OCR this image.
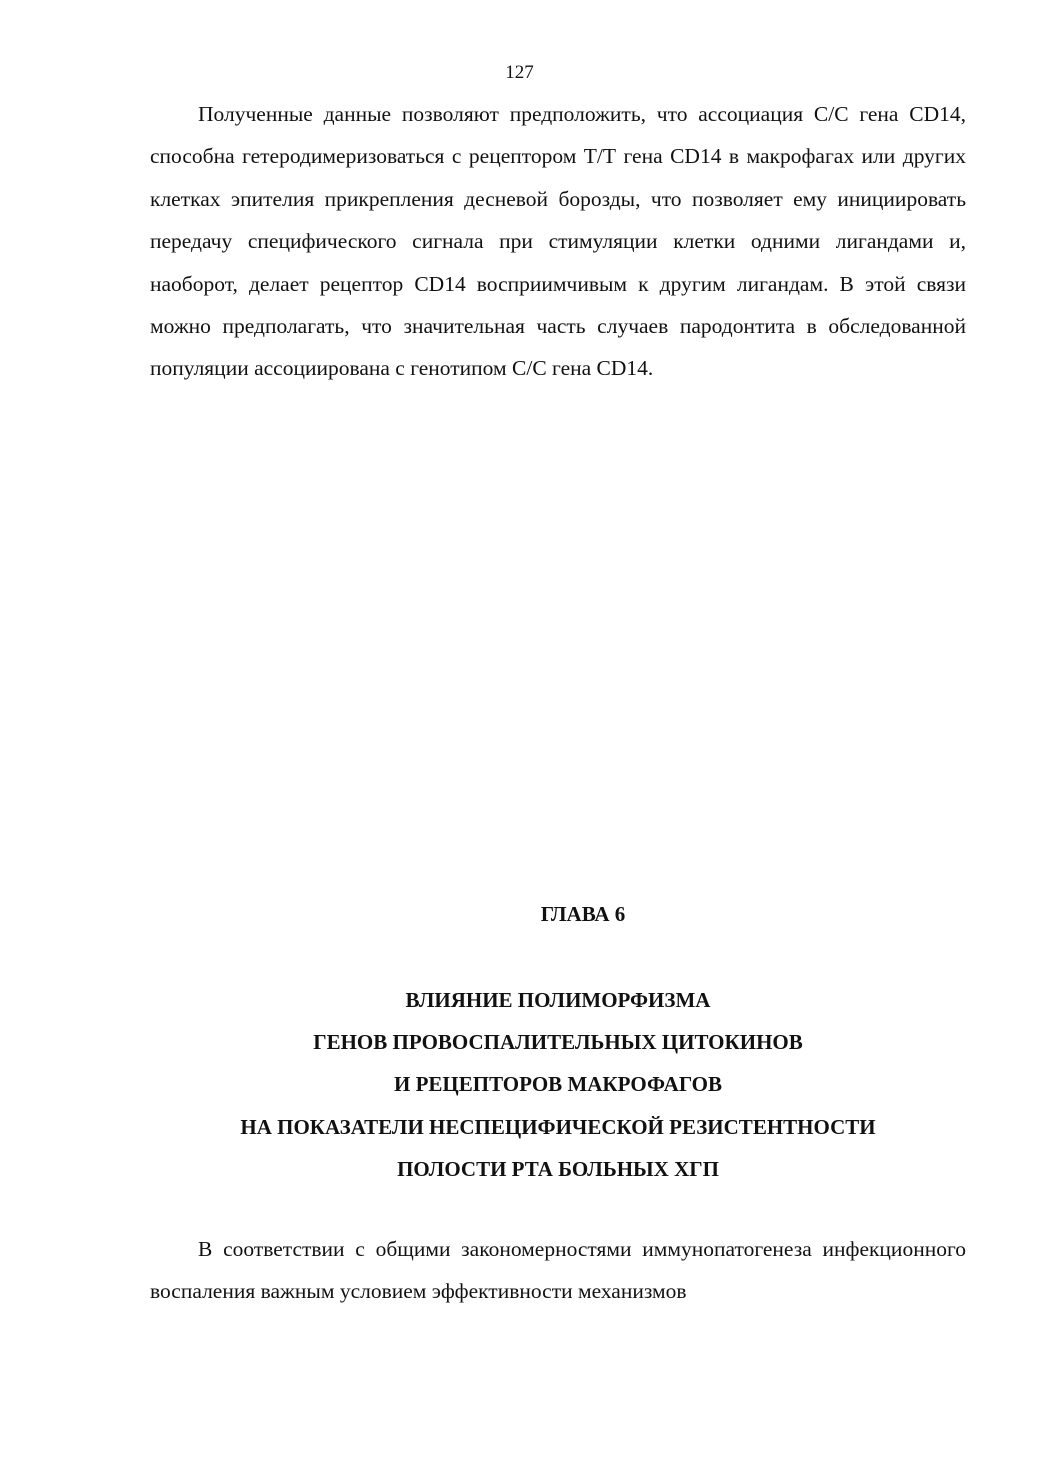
127

Полученные данные позволяют предположить, что ассоциация С/С гена CD14, способна гетеродимеризоваться с рецептором Т/Т гена CD14 в макрофагах или других клетках эпителия прикрепления десневой борозды, что позволяет ему инициировать передачу специфического сигнала при стимуляции клетки одними лигандами и, наоборот, делает рецептор CD14 восприимчивым к другим лигандам. В этой связи можно предполагать, что значительная часть случаев пародонтита в обследованной популяции ассоциирована с генотипом С/С гена CD14.

ГЛАВА 6
ВЛИЯНИЕ ПОЛИМОРФИЗМА
ГЕНОВ ПРОВОСПАЛИТЕЛЬНЫХ ЦИТОКИНОВ
И РЕЦЕПТОРОВ МАКРОФАГОВ
НА ПОКАЗАТЕЛИ НЕСПЕЦИФИЧЕСКОЙ РЕЗИСТЕНТНОСТИ
ПОЛОСТИ РТА БОЛЬНЫХ ХГП

В соответствии с общими закономерностями иммунопатогенеза инфекционного воспаления важным условием эффективности механизмов
